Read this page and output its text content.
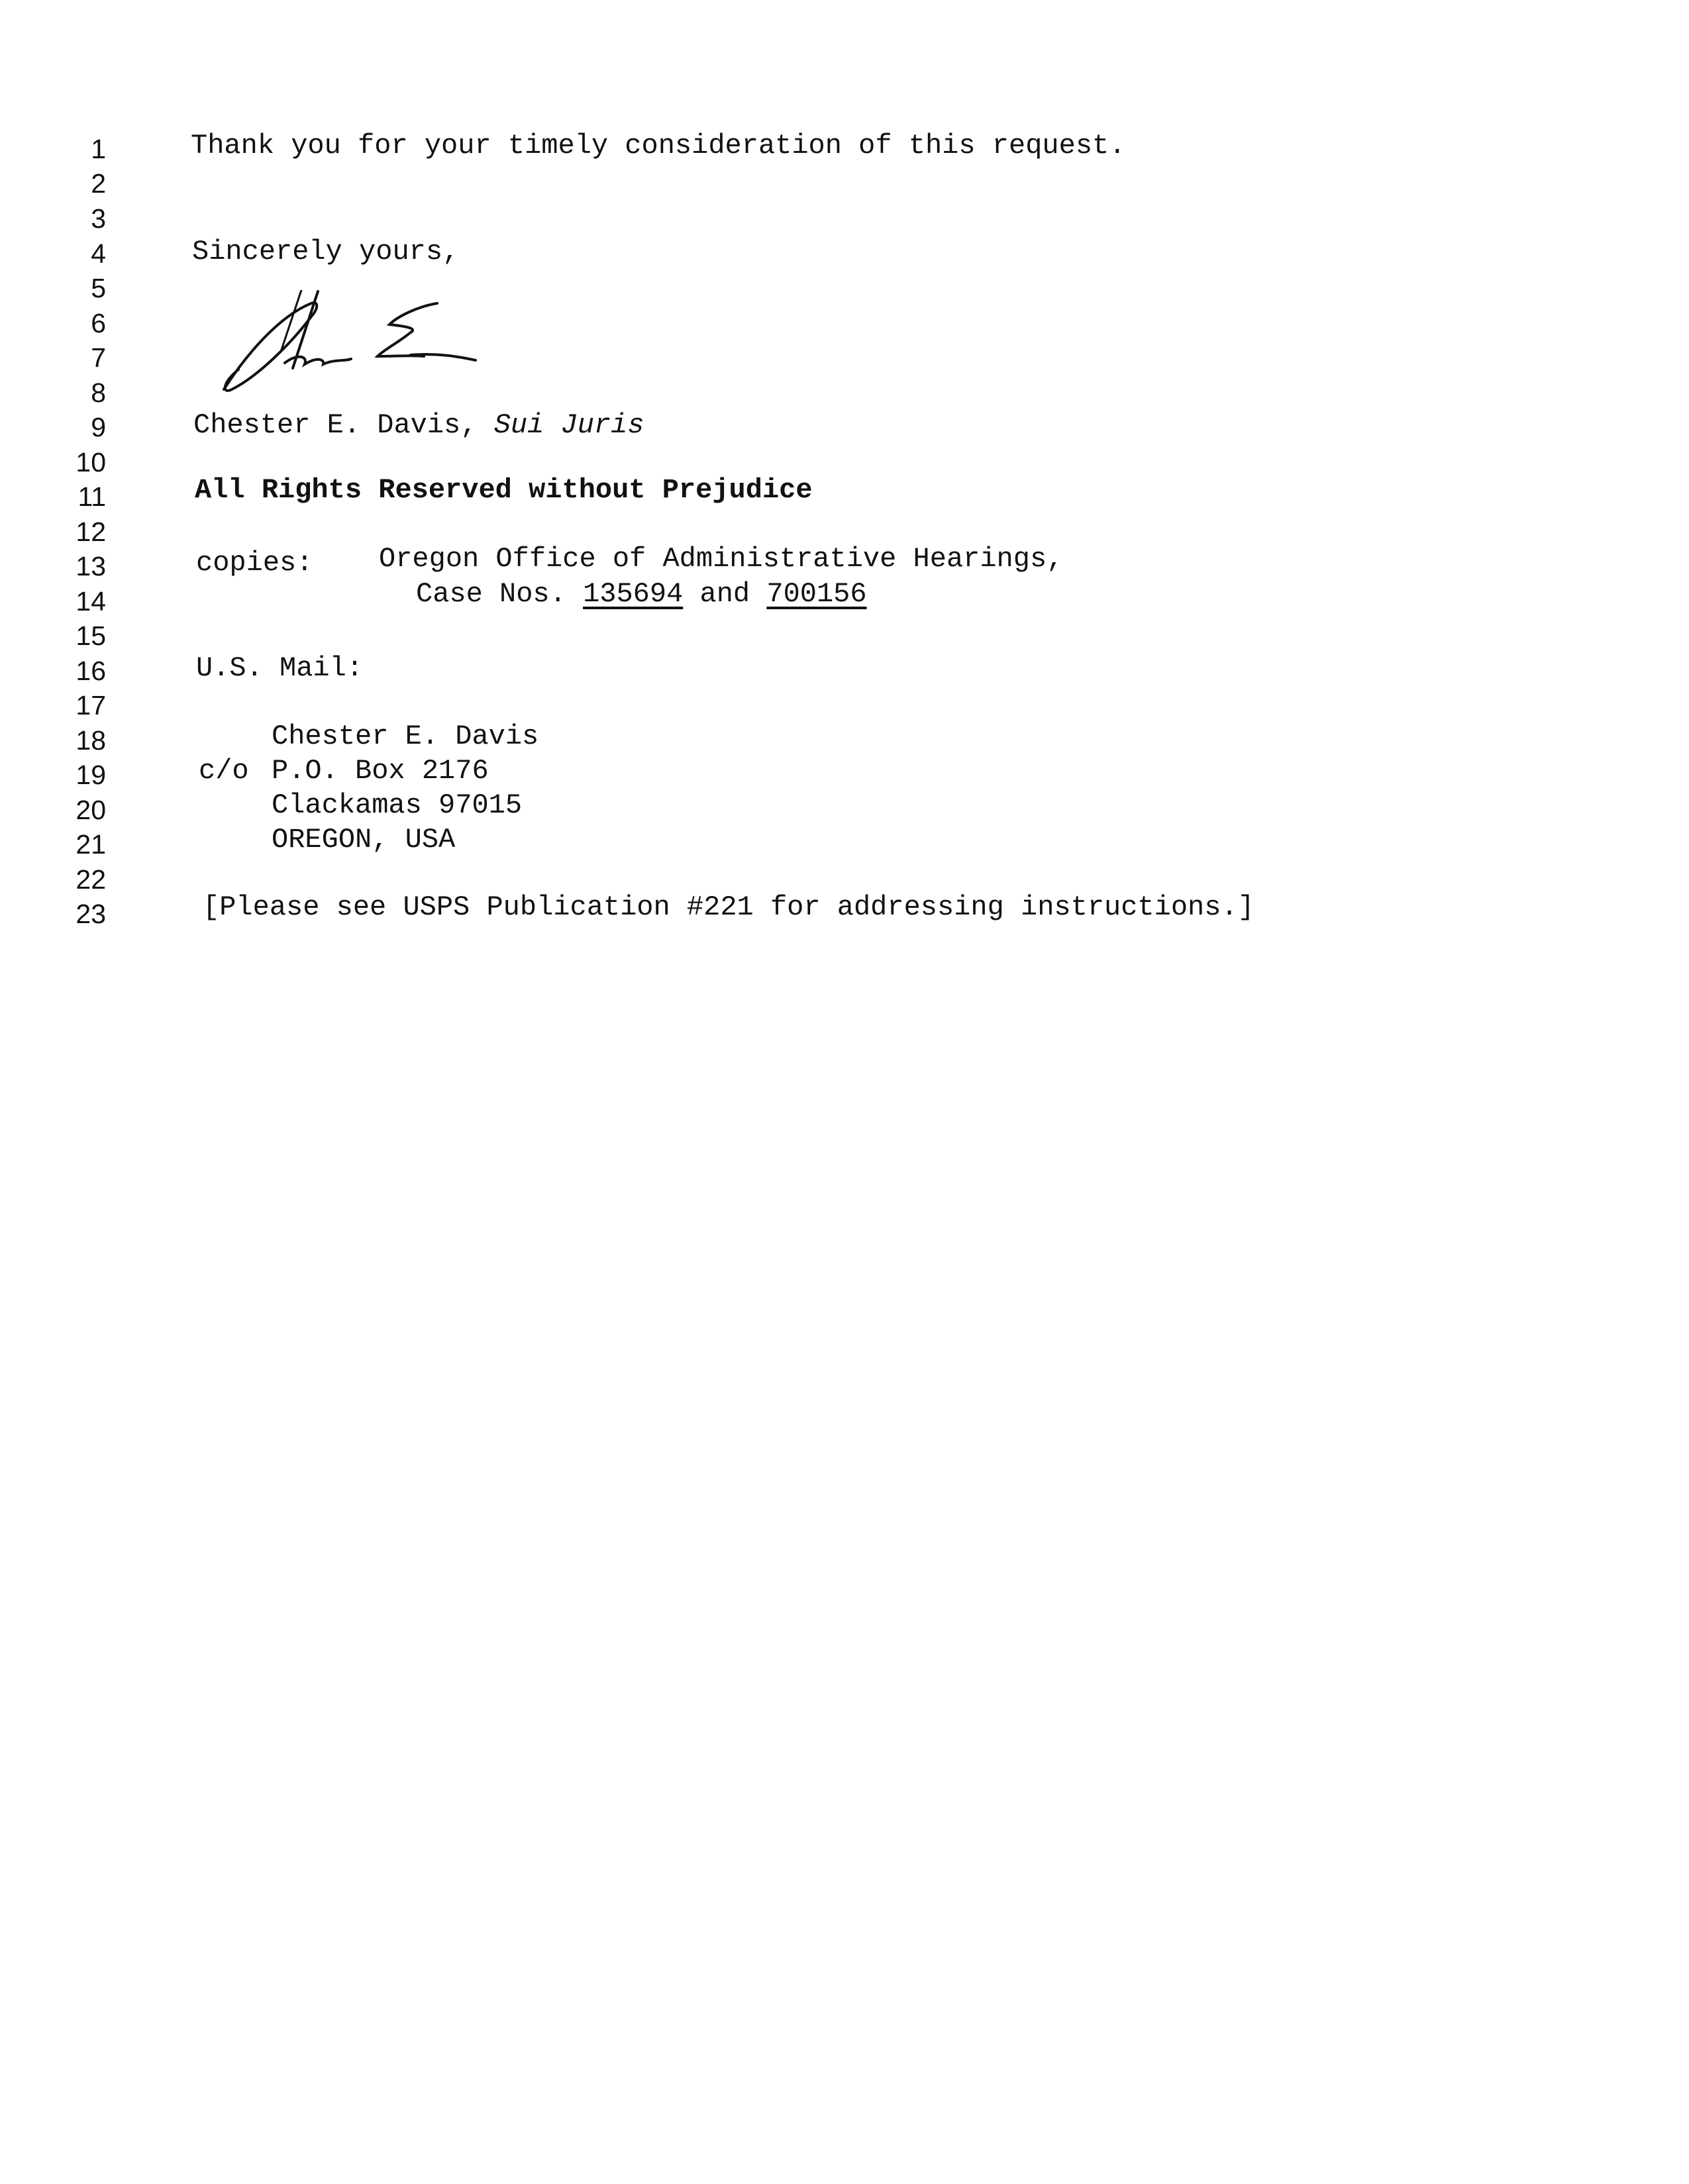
1
2
3
4
5
6
7
8
9
10
11
12
13
14
15
16
17
18
19
20
21
22
23
Thank you for your timely consideration of this request.
Sincerely yours,
Chester E. Davis, Sui Juris
All Rights Reserved without Prejudice
copies: Oregon Office of Administrative Hearings,
Case Nos. 135694 and 700156
U.S. Mail:
Chester E. Davis
c/o P.O. Box 2176
Clackamas 97015
OREGON, USA
[Please see USPS Publication #221 for addressing instructions.]
